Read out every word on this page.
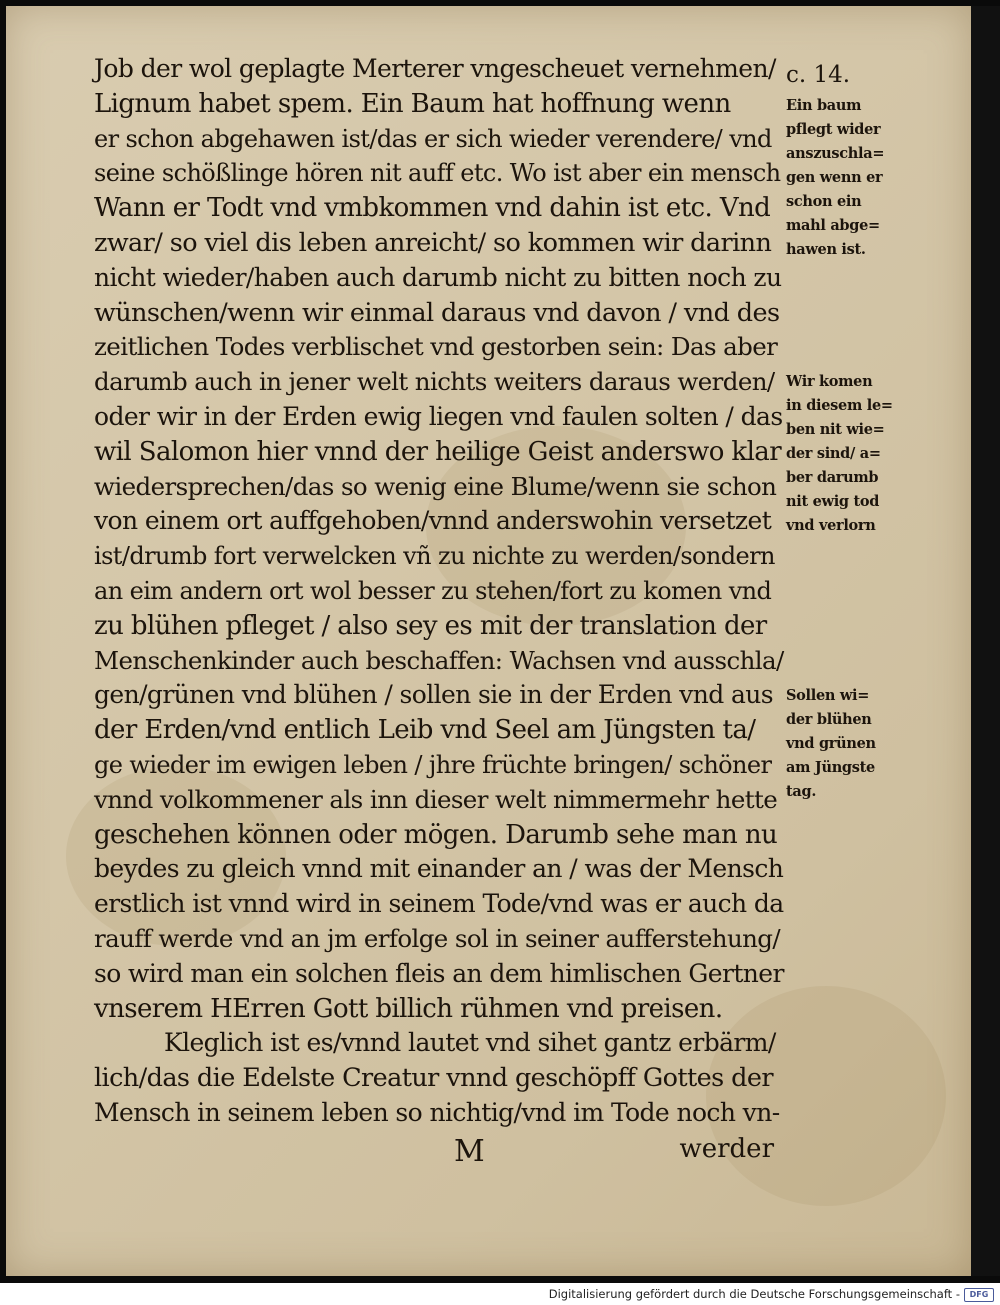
Job der wol geplagte Merterer vngescheuet vernehmen/
Lignum habet spem. Ein Baum hat hoffnung wenn
er schon abgehawen ist/das er sich wieder verendere/ vnd
seine schößlinge hören nit auff etc. Wo ist aber ein mensch
Wann er Todt vnd vmbkommen vnd dahin ist etc. Vnd
zwar/ so viel dis leben anreicht/ so kommen wir darinn
nicht wieder/haben auch darumb nicht zu bitten noch zu
wünschen/wenn wir einmal daraus vnd davon / vnd des
zeitlichen Todes verblischet vnd gestorben sein: Das aber
darumb auch in jener welt nichts weiters daraus werden/
oder wir in der Erden ewig liegen vnd faulen solten / das
wil Salomon hier vnnd der heilige Geist anderswo klar
wiedersprechen/das so wenig eine Blume/wenn sie schon
von einem ort auffgehoben/vnnd anderswohin versetzet
ist/drumb fort verwelcken vñ zu nichte zu werden/sondern
an eim andern ort wol besser zu stehen/fort zu komen vnd
zu blühen pfleget / also sey es mit der translation der
Menschenkinder auch beschaffen: Wachsen vnd ausschla/
gen/grünen vnd blühen / sollen sie in der Erden vnd aus
der Erden/vnd entlich Leib vnd Seel am Jüngsten ta/
ge wieder im ewigen leben / jhre früchte bringen/ schöner
vnnd volkommener als inn dieser welt nimmermehr hette
geschehen können oder mögen. Darumb sehe man nu
beydes zu gleich vnnd mit einander an / was der Mensch
erstlich ist vnnd wird in seinem Tode/vnd was er auch da
rauff werde vnd an jm erfolge sol in seiner aufferstehung/
so wird man ein solchen fleis an dem himlischen Gertner
vnserem HErren Gott billich rühmen vnd preisen.
Kleglich ist es/vnnd lautet vnd sihet gantz erbärm/
lich/das die Edelste Creatur vnnd geschöpff Gottes der
Mensch in seinem leben so nichtig/vnd im Tode noch vn-
M	werder
c. 14.
Ein baum
pflegt wider
anszuschla=
gen wenn er
schon ein
mahl abge=
hawen ist.
Wir komen
in diesem le=
ben nit wie=
der sind/ a=
ber darumb
nit ewig tod
vnd verlorn
Sollen wi=
der blühen
vnd grünen
am Jüngste
tag.
Digitalisierung gefördert durch die Deutsche Forschungsgemeinschaft -	DFG
